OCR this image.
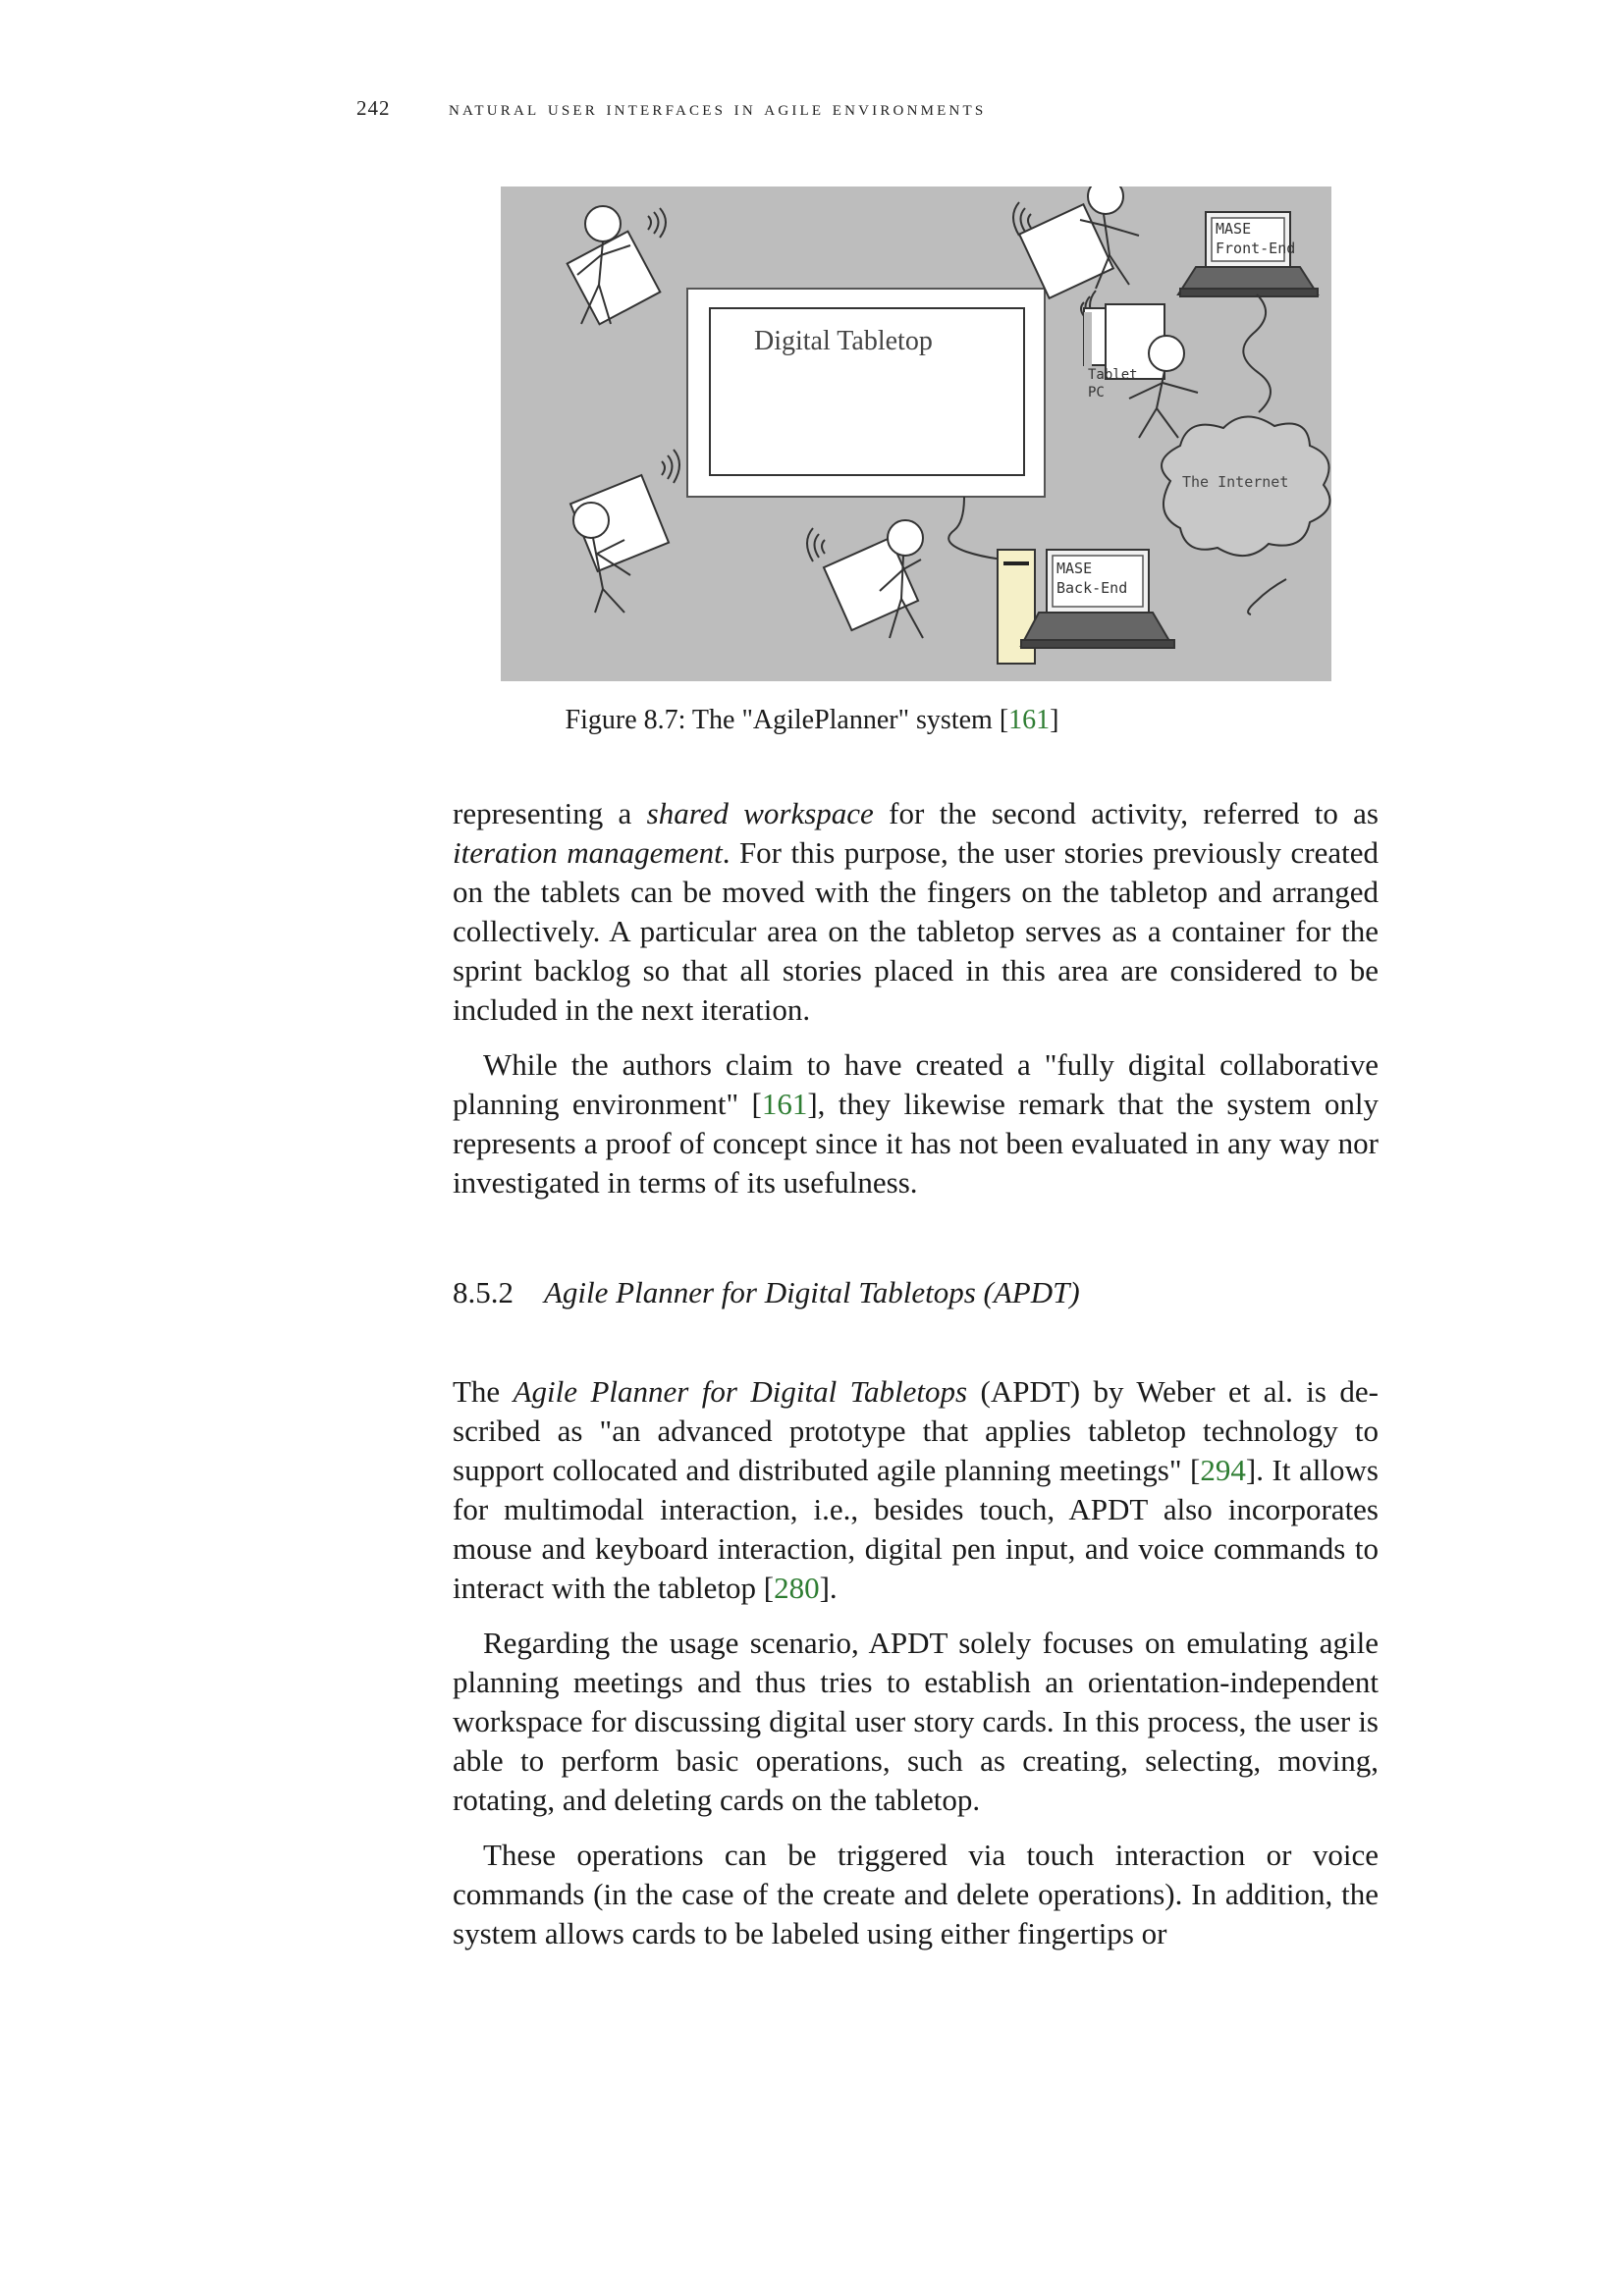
242	natural user interfaces in agile environments
Digital Tabletop
MASE
Front-End
Tablet
PC
The Internet
MASE
Back-End
Figure 8.7: The "AgilePlanner" system [161]

representing a shared workspace for the second activity, referred to as iteration management. For this purpose, the user stories previously created on the tablets can be moved with the fingers on the tabletop and arranged collectively. A particular area on the tabletop serves as a container for the sprint backlog so that all stories placed in this area are considered to be included in the next iteration.

While the authors claim to have created a "fully digital collaborative planning environment" [161], they likewise remark that the system only represents a proof of concept since it has not been evaluated in any way nor investigated in terms of its usefulness.

8.5.2 Agile Planner for Digital Tabletops (APDT)

The Agile Planner for Digital Tabletops (APDT) by Weber et al. is described as "an advanced prototype that applies tabletop technology to support collocated and distributed agile planning meetings" [294]. It allows for multimodal interaction, i.e., besides touch, APDT also incorporates mouse and keyboard interaction, digital pen input, and voice commands to interact with the tabletop [280].

Regarding the usage scenario, APDT solely focuses on emulating agile planning meetings and thus tries to establish an orientation-independent workspace for discussing digital user story cards. In this process, the user is able to perform basic operations, such as creating, selecting, moving, rotating, and deleting cards on the tabletop.

These operations can be triggered via touch interaction or voice commands (in the case of the create and delete operations). In addition, the system allows cards to be labeled using either fingertips or
